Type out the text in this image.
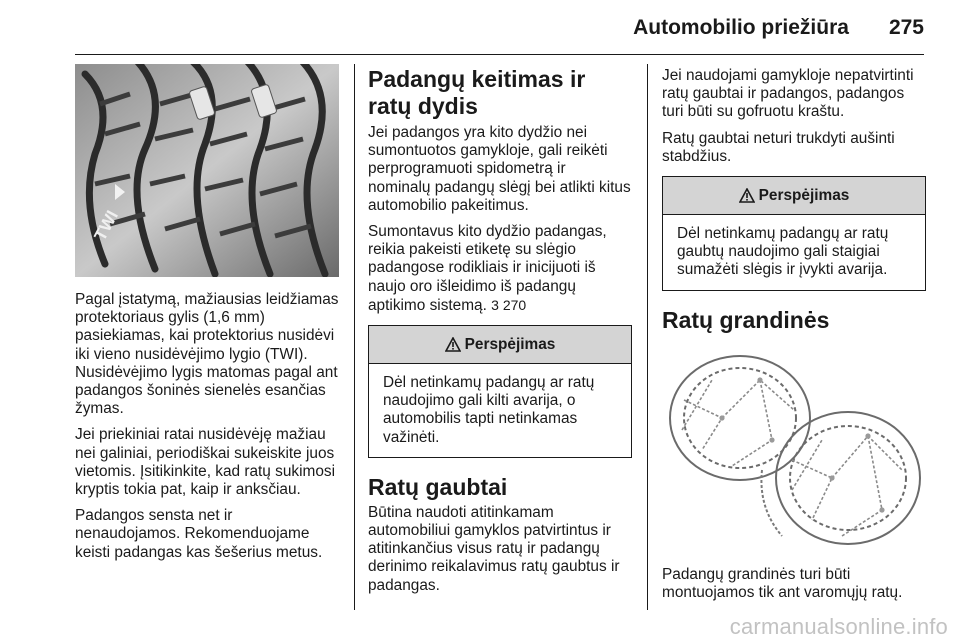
Automobilio priežiūra 275
TWI

Pagal įstatymą, mažiausias leidžiamas protektoriaus gylis (1,6 mm) pasiekiamas, kai protektorius nusidėvi iki vieno nusidėvėjimo lygio (TWI). Nusidėvėjimo lygis matomas pagal ant padangos šoninės sienelės esančias žymas.

Jei priekiniai ratai nusidėvėję mažiau nei galiniai, periodiškai sukeiskite juos vietomis. Įsitikinkite, kad ratų sukimosi kryptis tokia pat, kaip ir anksčiau.

Padangos sensta net ir nenaudojamos. Rekomenduojame keisti padangas kas šešerius metus.

Padangų keitimas ir ratų dydis

Jei padangos yra kito dydžio nei sumontuotos gamykloje, gali reikėti perprogramuoti spidometrą ir nominalų padangų slėgį bei atlikti kitus automobilio pakeitimus.

Sumontavus kito dydžio padangas, reikia pakeisti etiketę su slėgio padangose rodikliais ir inicijuoti iš naujo oro išleidimo iš padangų aptikimo sistemą. 3 270

Perspėjimas
Dėl netinkamų padangų ar ratų naudojimo gali kilti avarija, o automobilis tapti netinkamas važinėti.
Ratų gaubtai

Būtina naudoti atitinkamam automobiliui gamyklos patvirtintus ir atitinkančius visus ratų ir padangų derinimo reikalavimus ratų gaubtus ir padangas.

Jei naudojami gamykloje nepatvirtinti ratų gaubtai ir padangos, padangos turi būti su gofruotu kraštu.

Ratų gaubtai neturi trukdyti aušinti stabdžius.

Perspėjimas
Dėl netinkamų padangų ar ratų gaubtų naudojimo gali staigiai sumažėti slėgis ir įvykti avarija.
Ratų grandinės

Padangų grandinės turi būti montuojamos tik ant varomųjų ratų.

carmanualsonline.info
